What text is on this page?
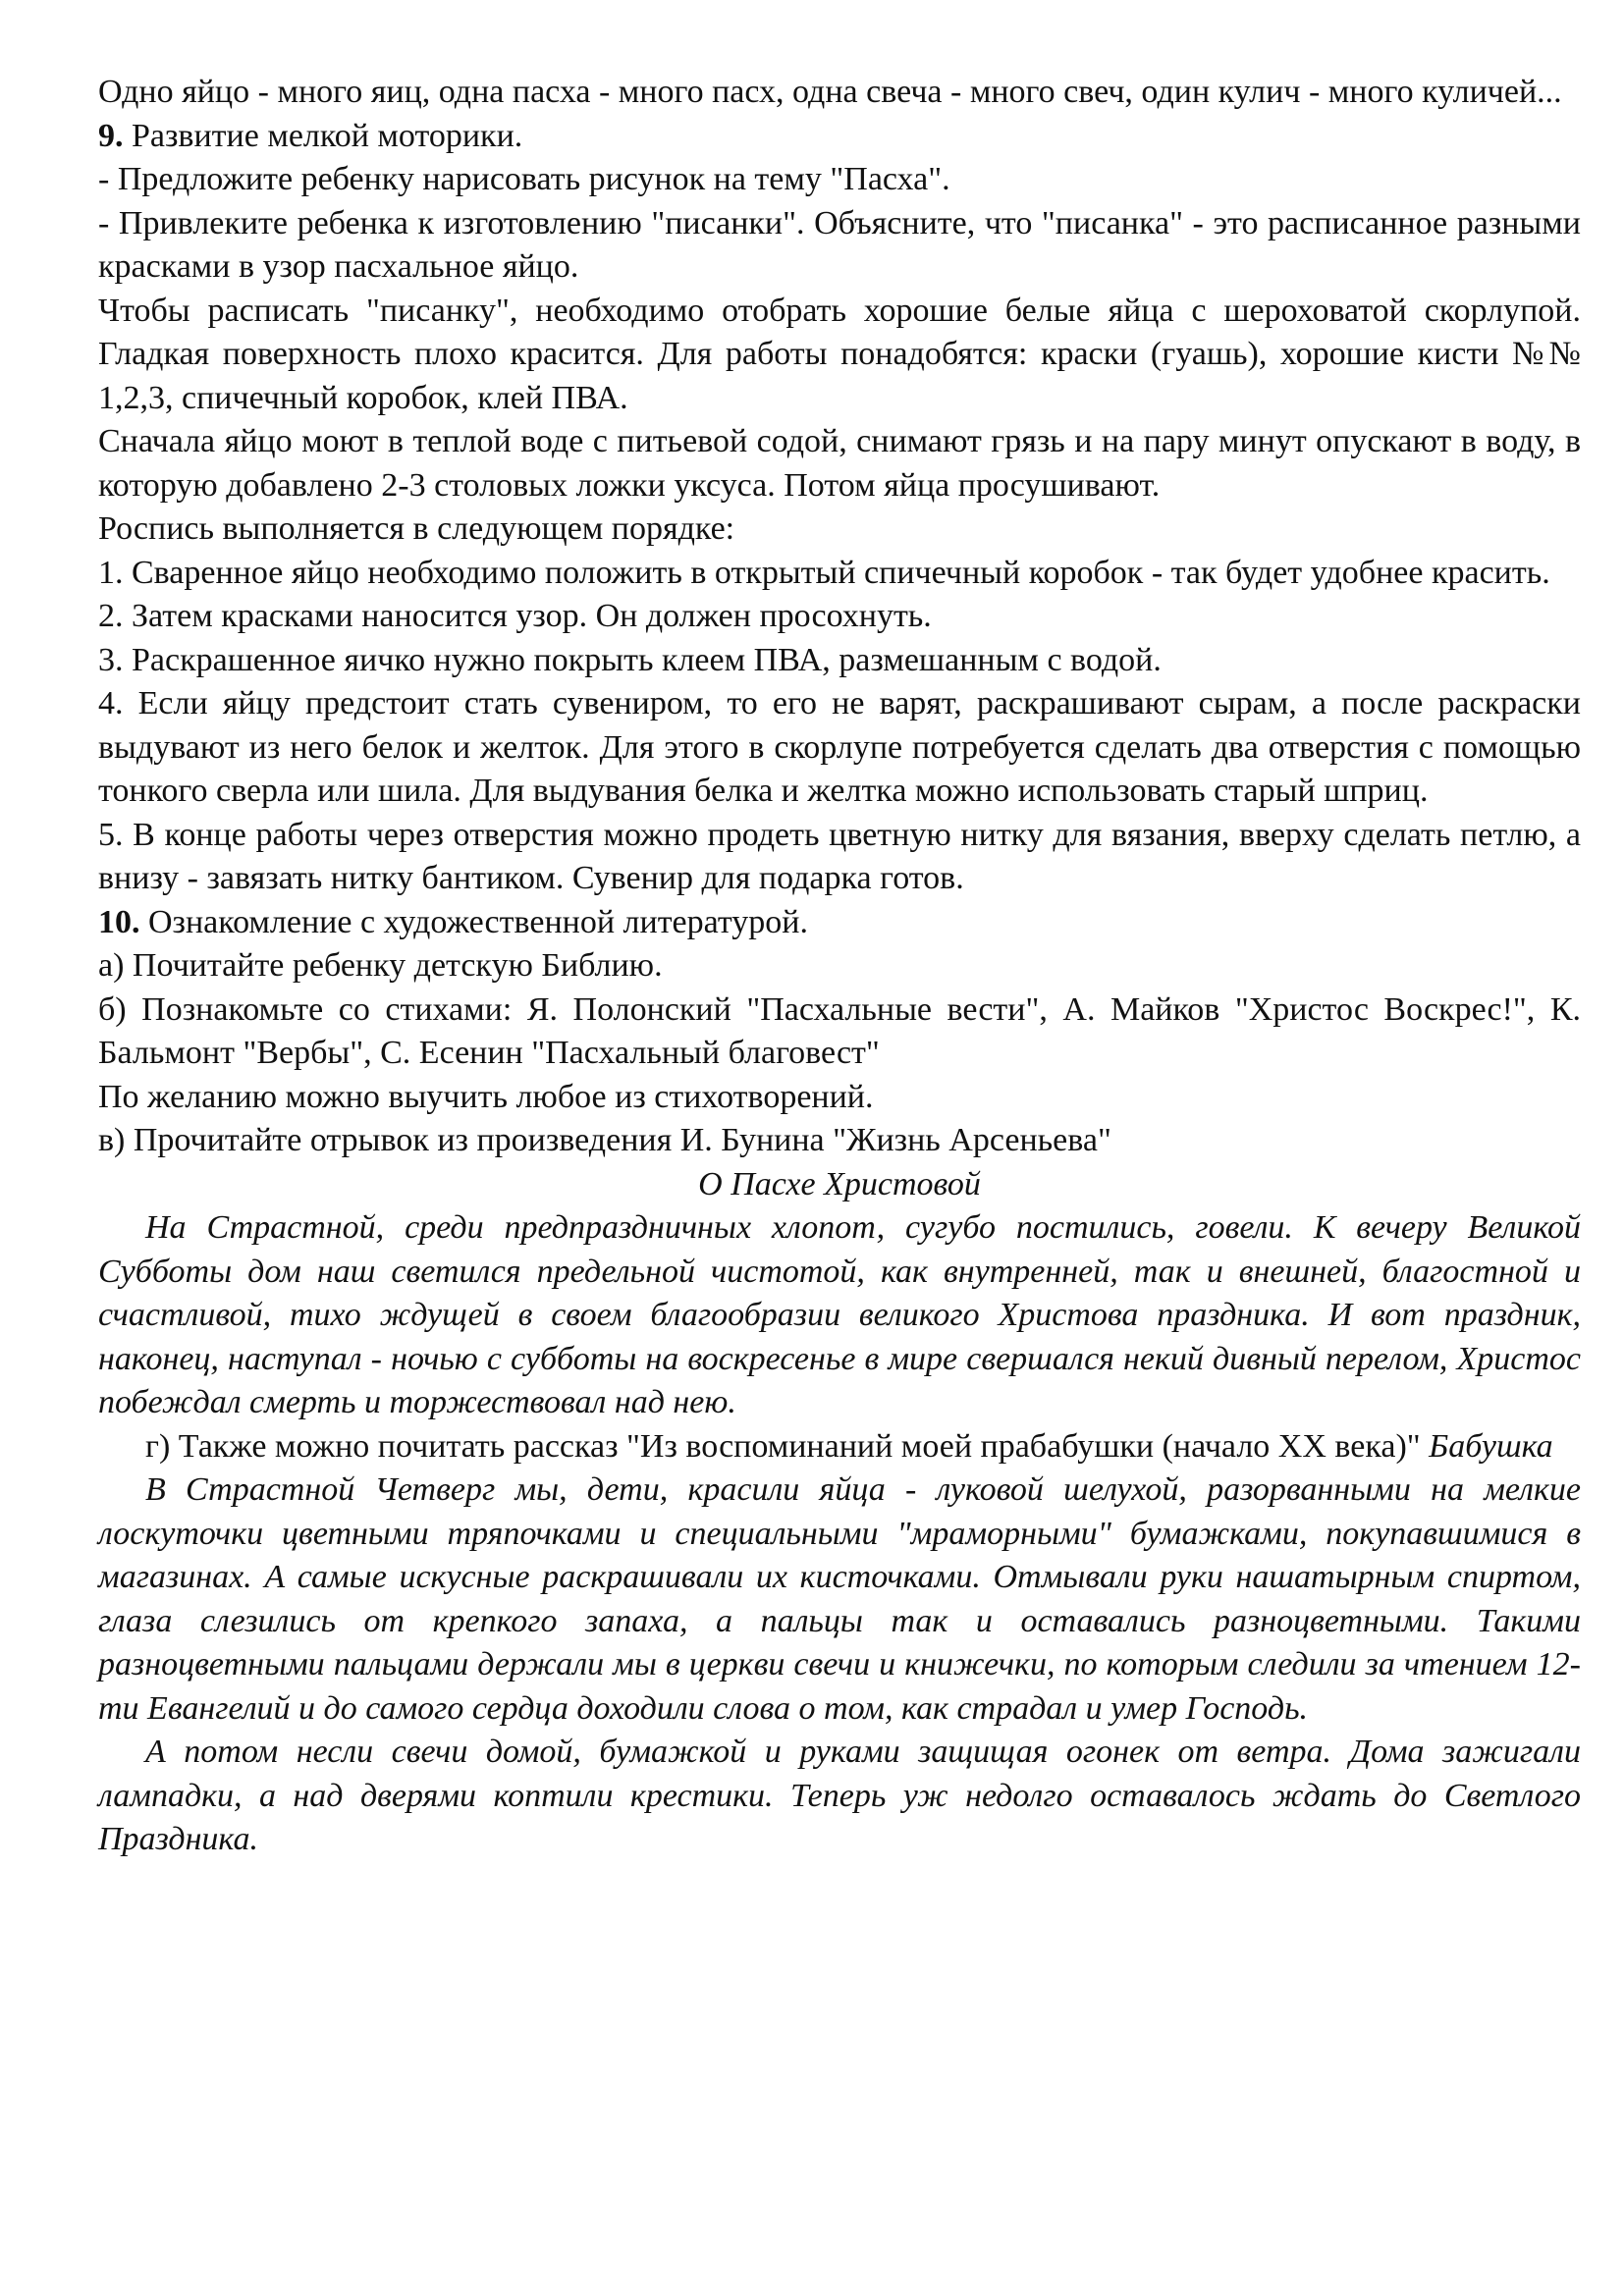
Одно яйцо - много яиц, одна пасха - много пасх, одна свеча - много свеч, один кулич - много куличей...

9. Развитие мелкой моторики.

- Предложите ребенку нарисовать рисунок на тему "Пасха".

- Привлеките ребенка к изготовлению "писанки". Объясните, что "писанка" - это расписанное разными красками в узор пасхальное яйцо.

Чтобы расписать "писанку", необходимо отобрать хорошие белые яйца с шероховатой скорлупой. Гладкая поверхность плохо красится. Для работы понадобятся: краски (гуашь), хорошие кисти №№ 1,2,3, спичечный коробок, клей ПВА.

Сначала яйцо моют в теплой воде с питьевой содой, снимают грязь и на пару минут опускают в воду, в которую добавлено 2-3 столовых ложки уксуса. Потом яйца просушивают.

Роспись выполняется в следующем порядке:

1. Сваренное яйцо необходимо положить в открытый спичечный коробок - так будет удобнее красить.

2. Затем красками наносится узор. Он должен просохнуть.

3. Раскрашенное яичко нужно покрыть клеем ПВА, размешанным с водой.

4. Если яйцу предстоит стать сувениром, то его не варят, раскрашивают сырам, а после раскраски выдувают из него белок и желток. Для этого в скорлупе потребуется сделать два отверстия с помощью тонкого сверла или шила. Для выдувания белка и желтка можно использовать старый шприц.

5. В конце работы через отверстия можно продеть цветную нитку для вязания, вверху сделать петлю, а внизу - завязать нитку бантиком. Сувенир для подарка готов.

10. Ознакомление с художественной литературой.

а) Почитайте ребенку детскую Библию.

б) Познакомьте со стихами: Я. Полонский "Пасхальные вести", А. Майков "Христос Воскрес!", К. Бальмонт "Вербы", С. Есенин "Пасхальный благовест"

По желанию можно выучить любое из стихотворений.

в) Прочитайте отрывок из произведения И. Бунина "Жизнь Арсеньева"

О Пасхе Христовой

На Страстной, среди предпраздничных хлопот, сугубо постились, говели. К вечеру Великой Субботы дом наш светился предельной чистотой, как внутренней, так и внешней, благостной и счастливой, тихо ждущей в своем благообразии великого Христова праздника. И вот праздник, наконец, наступал - ночью с субботы на воскресенье в мире свершался некий дивный перелом, Христос побеждал смерть и торжествовал над нею.

г) Также можно почитать рассказ "Из воспоминаний моей прабабушки (начало ХХ века)" Бабушка

В Страстной Четверг мы, дети, красили яйца - луковой шелухой, разорванными на мелкие лоскуточки цветными тряпочками и специальными "мраморными" бумажками, покупавшимися в магазинах. А самые искусные раскрашивали их кисточками. Отмывали руки нашатырным спиртом, глаза слезились от крепкого запаха, а пальцы так и оставались разноцветными. Такими разноцветными пальцами держали мы в церкви свечи и книжечки, по которым следили за чтением 12-ти Евангелий и до самого сердца доходили слова о том, как страдал и умер Господь.

А потом несли свечи домой, бумажкой и руками защищая огонек от ветра. Дома зажигали лампадки, а над дверями коптили крестики. Теперь уж недолго оставалось ждать до Светлого Праздника.
